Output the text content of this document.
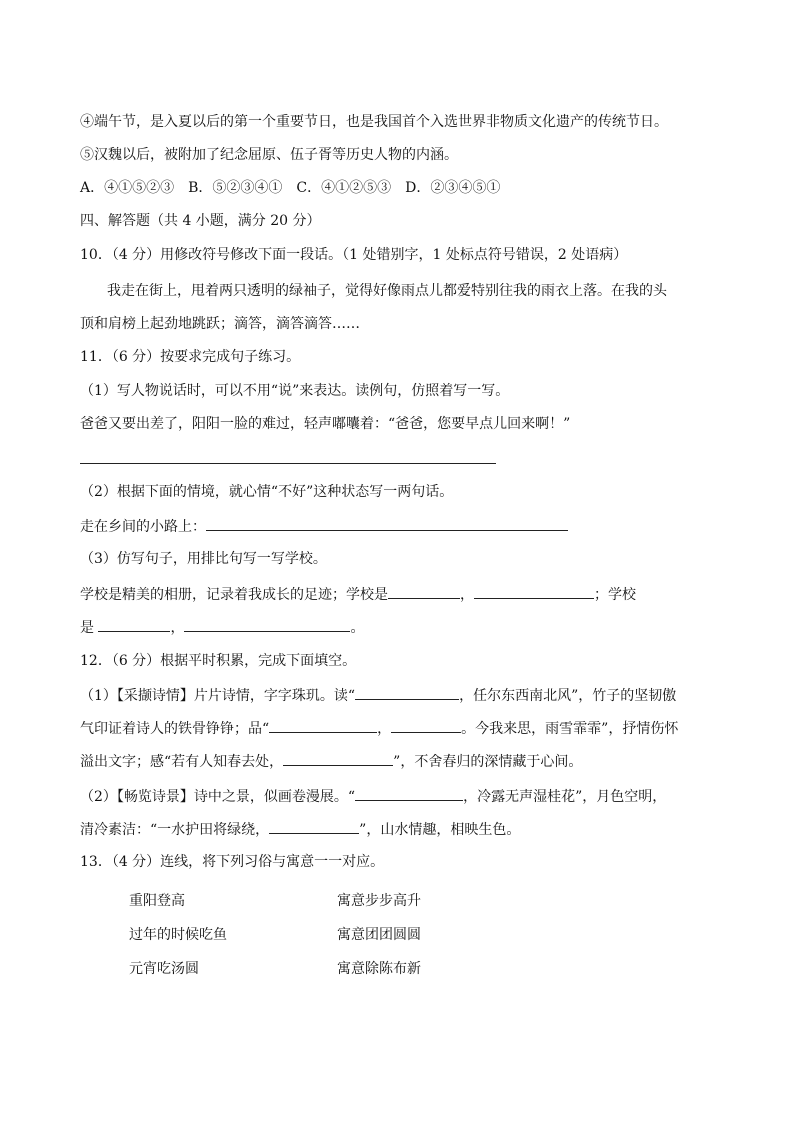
④端午节，是入夏以后的第一个重要节日，也是我国首个入选世界非物质文化遗产的传统节日。
⑤汉魏以后，被附加了纪念屈原、伍子胥等历史人物的内涵。
A．④①⑤②③　B．⑤②③④①　C．④①②⑤③　D．②③④⑤①
四、解答题（共 4 小题，满分 20 分）
10．（4 分）用修改符号修改下面一段话。（1 处错别字，1 处标点符号错误，2 处语病）
我走在街上，甩着两只透明的绿袖子，觉得好像雨点儿都爱特别往我的雨衣上落。在我的头
顶和肩榜上起劲地跳跃；滴答，滴答滴答……
11．（6 分）按要求完成句子练习。
（1）写人物说话时，可以不用“说”来表达。读例句，仿照着写一写。
爸爸又要出差了，阳阳一脸的难过，轻声嘟囔着：“爸爸，您要早点儿回来啊！”
（2）根据下面的情境，就心情“不好”这种状态写一两句话。
走在乡间的小路上：
（3）仿写句子，用排比句写一写学校。
学校是精美的相册，记录着我成长的足迹；学校是	，	；学校
是	，	。
12．（6 分）根据平时积累，完成下面填空。
（1）【采撷诗情】片片诗情，字字珠玑。读“	，任尔东西南北风”，竹子的坚韧傲
气印证着诗人的铁骨铮铮；品“	，	。今我来思，雨雪霏霏”，抒情伤怀
溢出文字；感“若有人知春去处，	”，不舍春归的深情藏于心间。
（2）【畅览诗景】诗中之景，似画卷漫展。“	，冷露无声湿桂花”，月色空明，
清冷素洁：“一水护田将绿绕，	”，山水情趣，相映生色。
13．（4 分）连线，将下列习俗与寓意一一对应。
重阳登高	寓意步步高升
过年的时候吃鱼	寓意团团圆圆
元宵吃汤圆	寓意除陈布新
